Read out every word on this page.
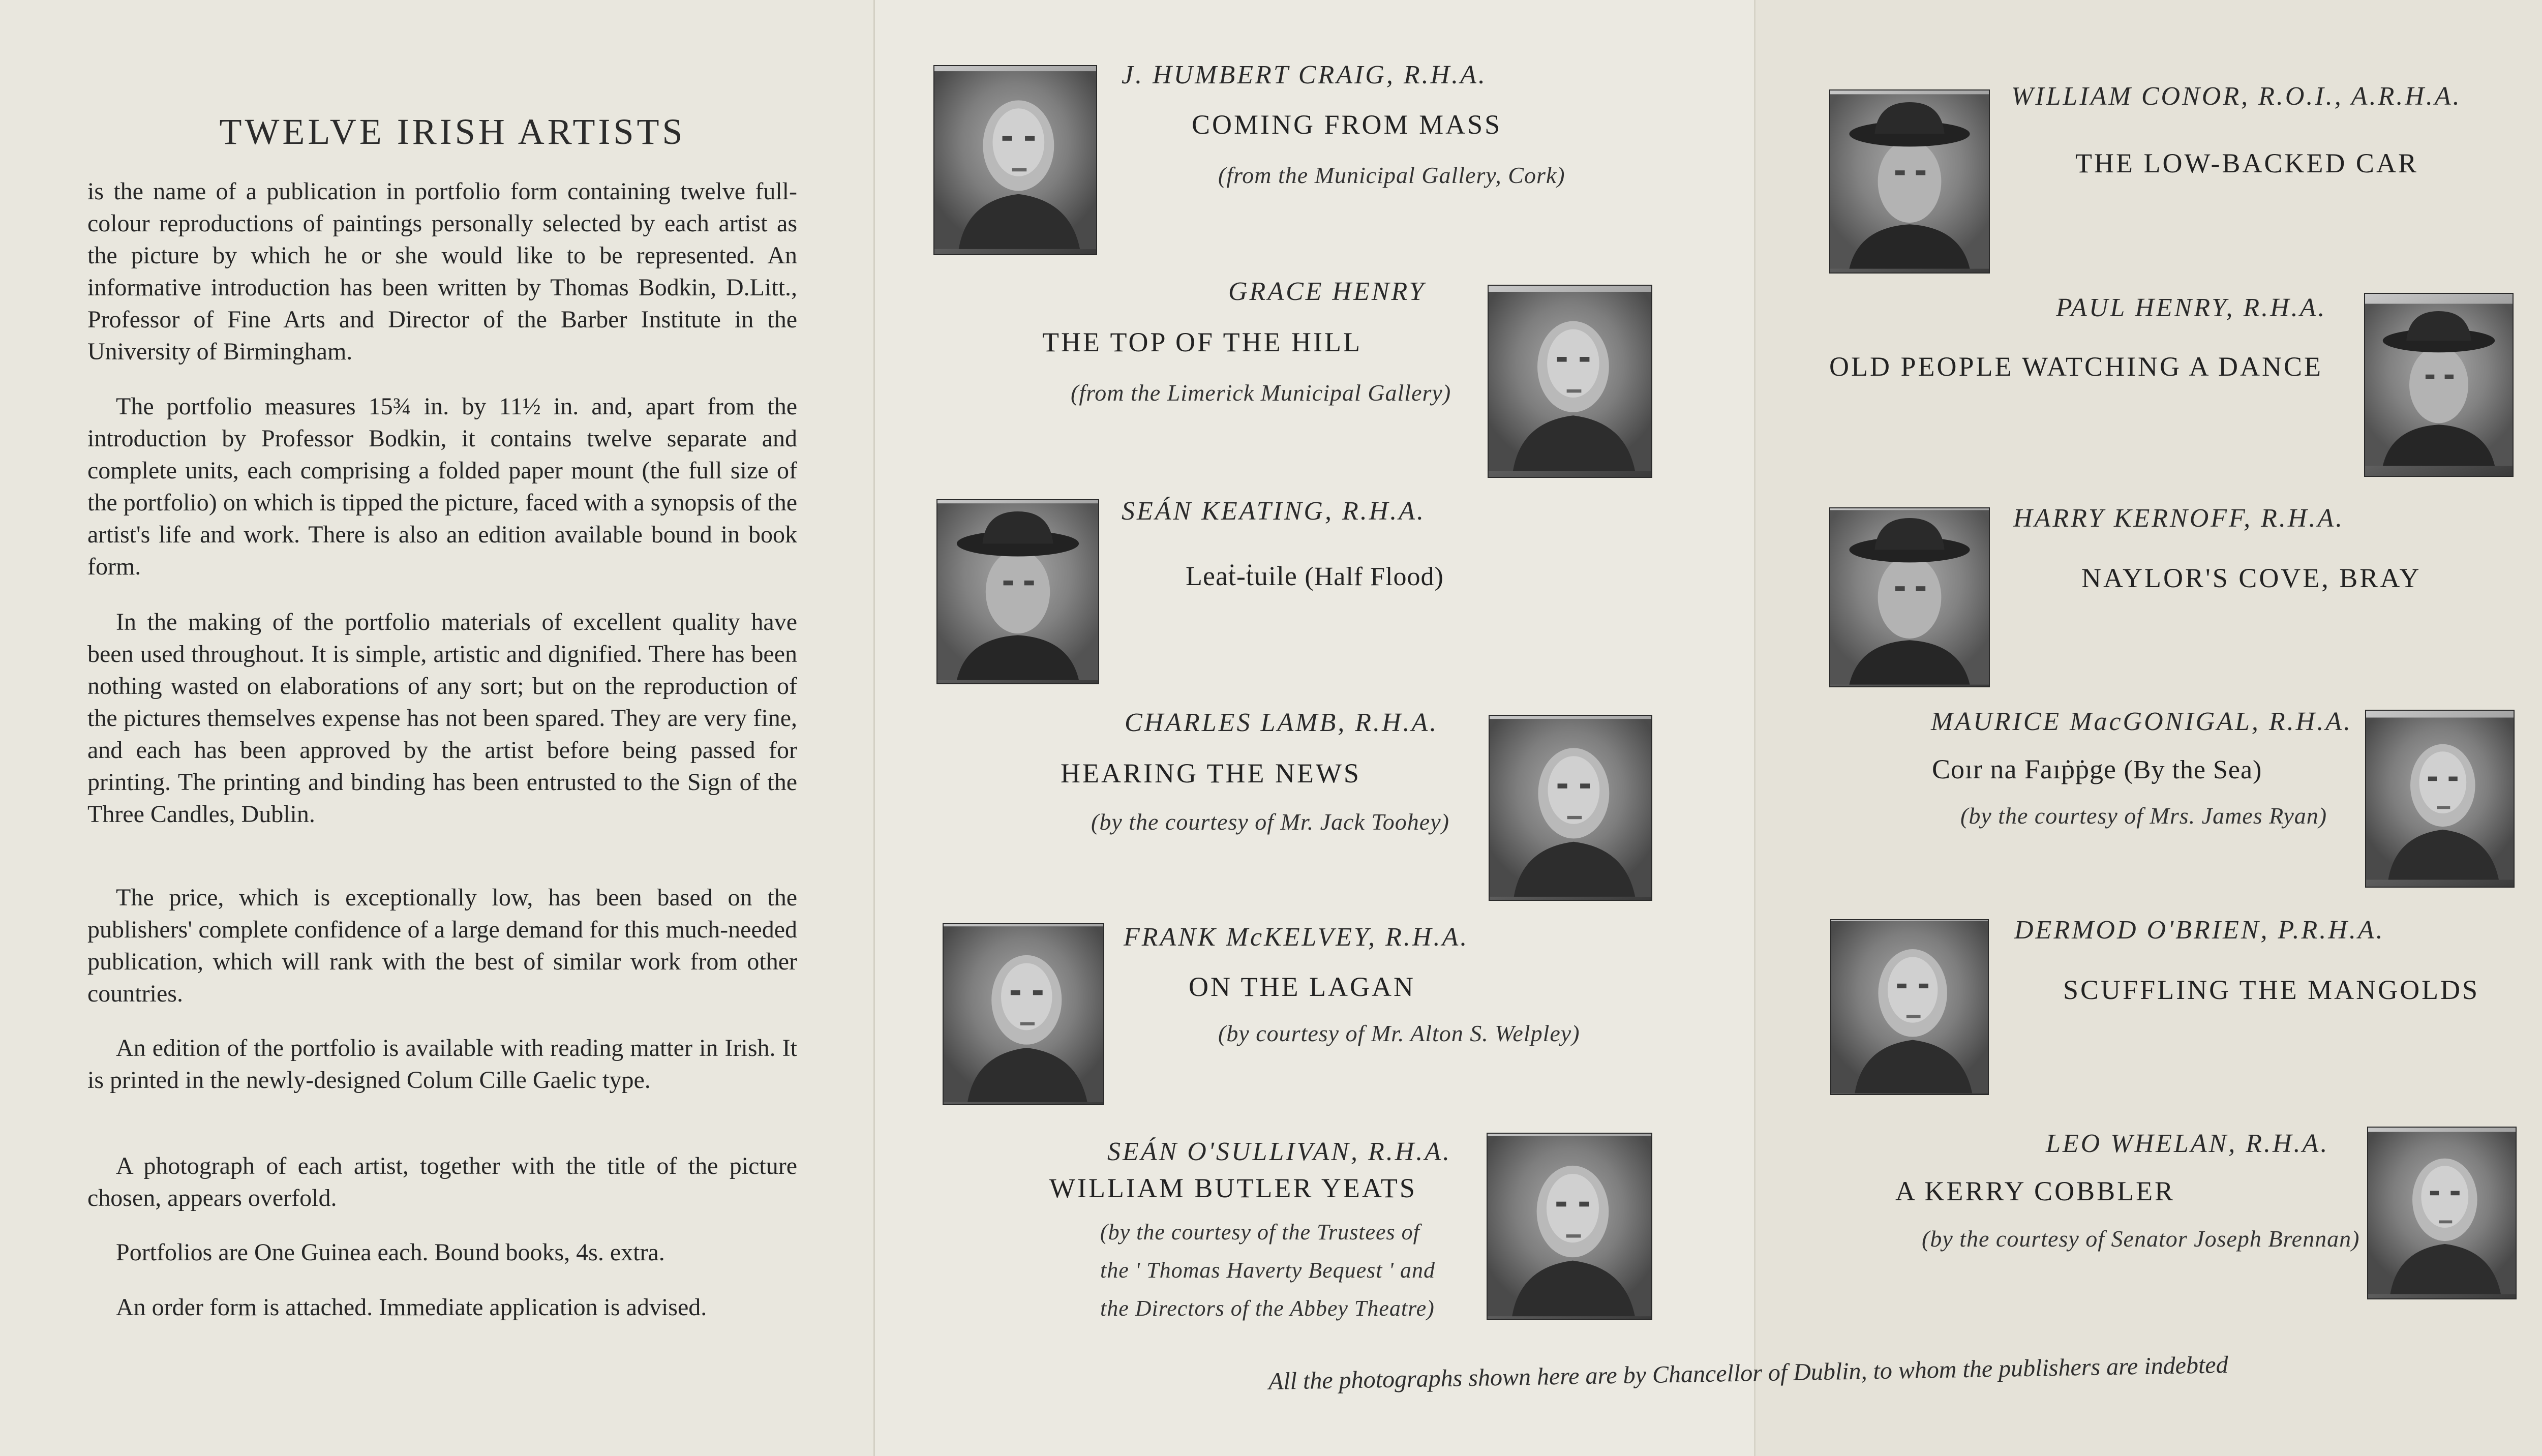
TWELVE IRISH ARTISTS

is the name of a publication in portfolio form containing twelve full-colour reproductions of paintings personally selected by each artist as the picture by which he or she would like to be represented. An informative introduction has been written by Thomas Bodkin, D.Litt., Professor of Fine Arts and Director of the Barber Institute in the University of Birmingham.

The portfolio measures 15¾ in. by 11½ in. and, apart from the introduction by Professor Bodkin, it contains twelve separate and complete units, each comprising a folded paper mount (the full size of the portfolio) on which is tipped the picture, faced with a synopsis of the artist's life and work. There is also an edition available bound in book form.

In the making of the portfolio materials of excellent quality have been used throughout. It is simple, artistic and dignified. There has been nothing wasted on elaborations of any sort; but on the reproduction of the pictures themselves expense has not been spared. They are very fine, and each has been approved by the artist before being passed for printing. The printing and binding has been entrusted to the Sign of the Three Candles, Dublin.

The price, which is exceptionally low, has been based on the publishers' complete confidence of a large demand for this much-needed publication, which will rank with the best of similar work from other countries.

An edition of the portfolio is available with reading matter in Irish. It is printed in the newly-designed Colum Cille Gaelic type.

A photograph of each artist, together with the title of the picture chosen, appears overfold.

Portfolios are One Guinea each. Bound books, 4s. extra.

An order form is attached. Immediate application is advised.

J. HUMBERT CRAIG, R.H.A.

COMING FROM MASS

(from the Municipal Gallery, Cork)

GRACE HENRY

THE TOP OF THE HILL

(from the Limerick Municipal Gallery)

SEÁN KEATING, R.H.A.

Leaṫ-ṫuile (Half Flood)

CHARLES LAMB, R.H.A.

HEARING THE NEWS

(by the courtesy of Mr. Jack Toohey)

FRANK McKELVEY, R.H.A.

ON THE LAGAN

(by courtesy of Mr. Alton S. Welpley)

SEÁN O'SULLIVAN, R.H.A.

WILLIAM BUTLER YEATS

(by the courtesy of the Trustees of
the ' Thomas Haverty Bequest ' and
the Directors of the Abbey Theatre)

WILLIAM CONOR, R.O.I., A.R.H.A.

THE LOW-BACKED CAR

PAUL HENRY, R.H.A.

OLD PEOPLE WATCHING A DANCE

HARRY KERNOFF, R.H.A.

NAYLOR'S COVE, BRAY

MAURICE MacGONIGAL, R.H.A.

Coır na Faıṗṗge (By the Sea)

(by the courtesy of Mrs. James Ryan)

DERMOD O'BRIEN, P.R.H.A.

SCUFFLING THE MANGOLDS

LEO WHELAN, R.H.A.

A KERRY COBBLER

(by the courtesy of Senator Joseph Brennan)

All the photographs shown here are by Chancellor of Dublin, to whom the publishers are indebted
